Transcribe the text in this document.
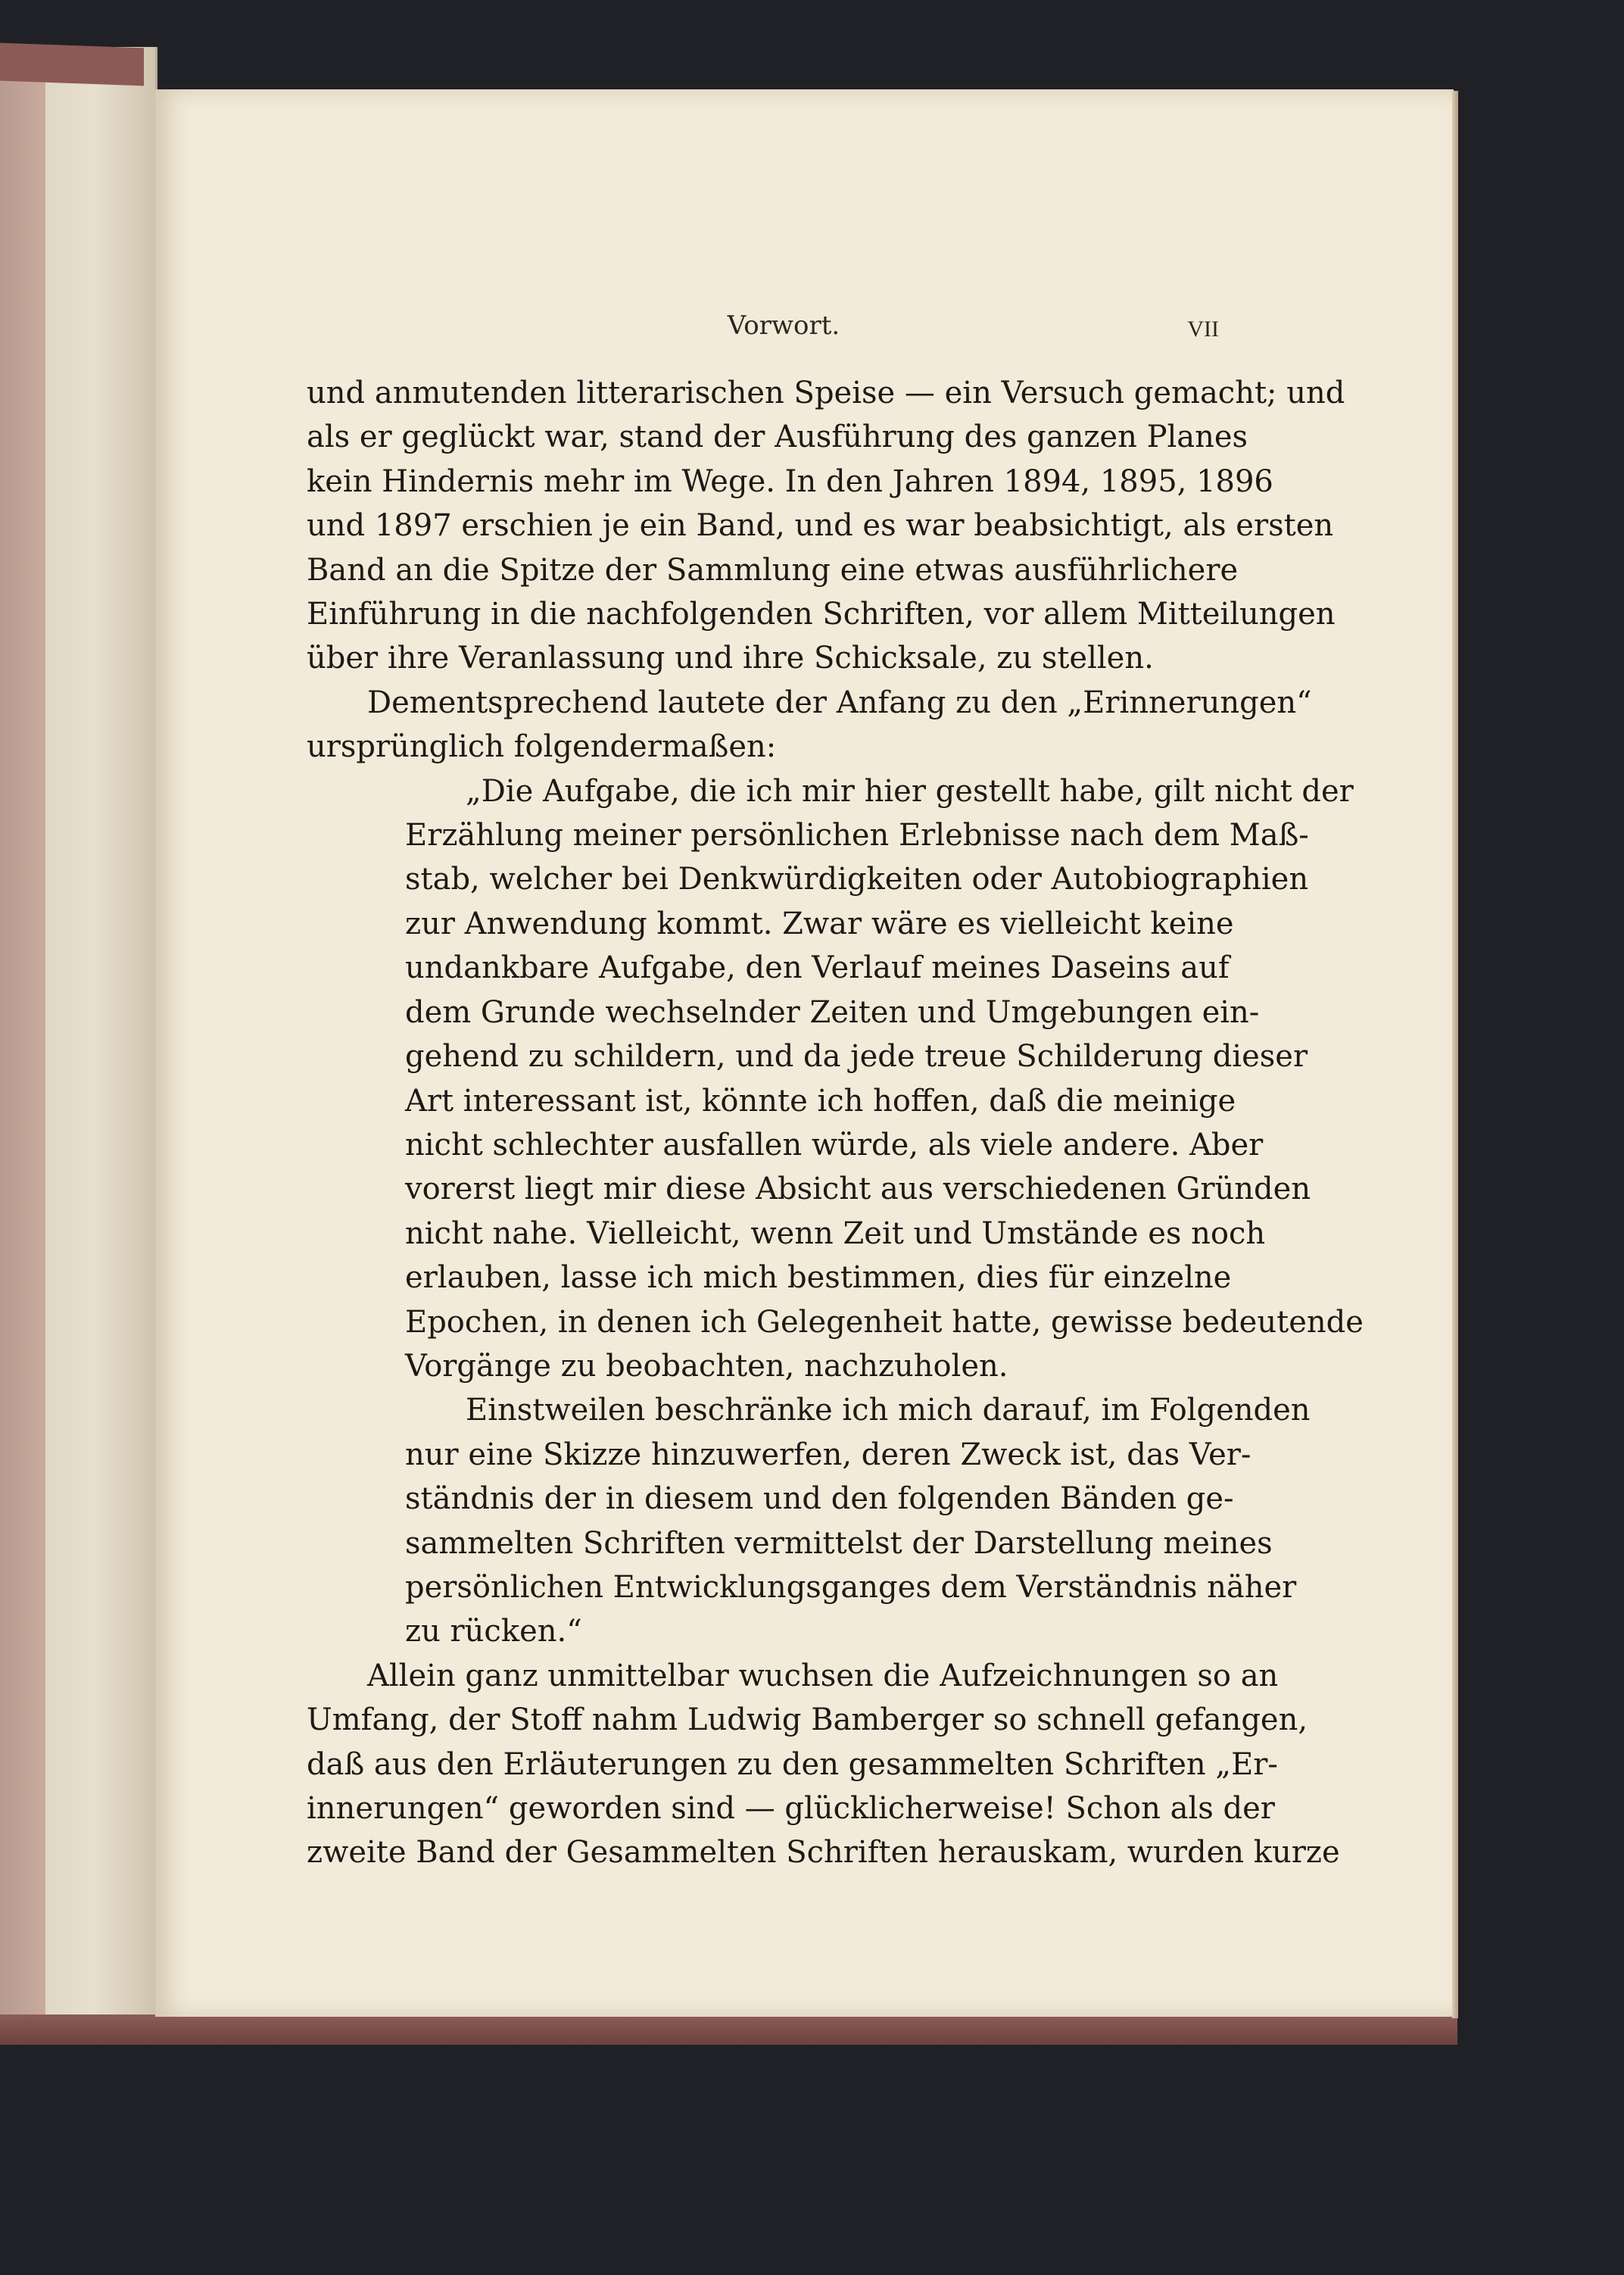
Vorwort.	VII

und anmutenden litterarischen Speise — ein Versuch gemacht; und
als er geglückt war, stand der Ausführung des ganzen Planes
kein Hindernis mehr im Wege. In den Jahren 1894, 1895, 1896
und 1897 erschien je ein Band, und es war beabsichtigt, als ersten
Band an die Spitze der Sammlung eine etwas ausführlichere
Einführung in die nachfolgenden Schriften, vor allem Mitteilungen
über ihre Veranlassung und ihre Schicksale, zu stellen.

Dementsprechend lautete der Anfang zu den „Erinnerungen“
ursprünglich folgendermaßen:

„Die Aufgabe, die ich mir hier gestellt habe, gilt nicht der
Erzählung meiner persönlichen Erlebnisse nach dem Maß-
stab, welcher bei Denkwürdigkeiten oder Autobiographien
zur Anwendung kommt. Zwar wäre es vielleicht keine
undankbare Aufgabe, den Verlauf meines Daseins auf
dem Grunde wechselnder Zeiten und Umgebungen ein-
gehend zu schildern, und da jede treue Schilderung dieser
Art interessant ist, könnte ich hoffen, daß die meinige
nicht schlechter ausfallen würde, als viele andere. Aber
vorerst liegt mir diese Absicht aus verschiedenen Gründen
nicht nahe. Vielleicht, wenn Zeit und Umstände es noch
erlauben, lasse ich mich bestimmen, dies für einzelne
Epochen, in denen ich Gelegenheit hatte, gewisse bedeutende
Vorgänge zu beobachten, nachzuholen.

Einstweilen beschränke ich mich darauf, im Folgenden
nur eine Skizze hinzuwerfen, deren Zweck ist, das Ver-
ständnis der in diesem und den folgenden Bänden ge-
sammelten Schriften vermittelst der Darstellung meines
persönlichen Entwicklungsganges dem Verständnis näher
zu rücken.“

Allein ganz unmittelbar wuchsen die Aufzeichnungen so an
Umfang, der Stoff nahm Ludwig Bamberger so schnell gefangen,
daß aus den Erläuterungen zu den gesammelten Schriften „Er-
innerungen“ geworden sind — glücklicherweise! Schon als der
zweite Band der Gesammelten Schriften herauskam, wurden kurze
